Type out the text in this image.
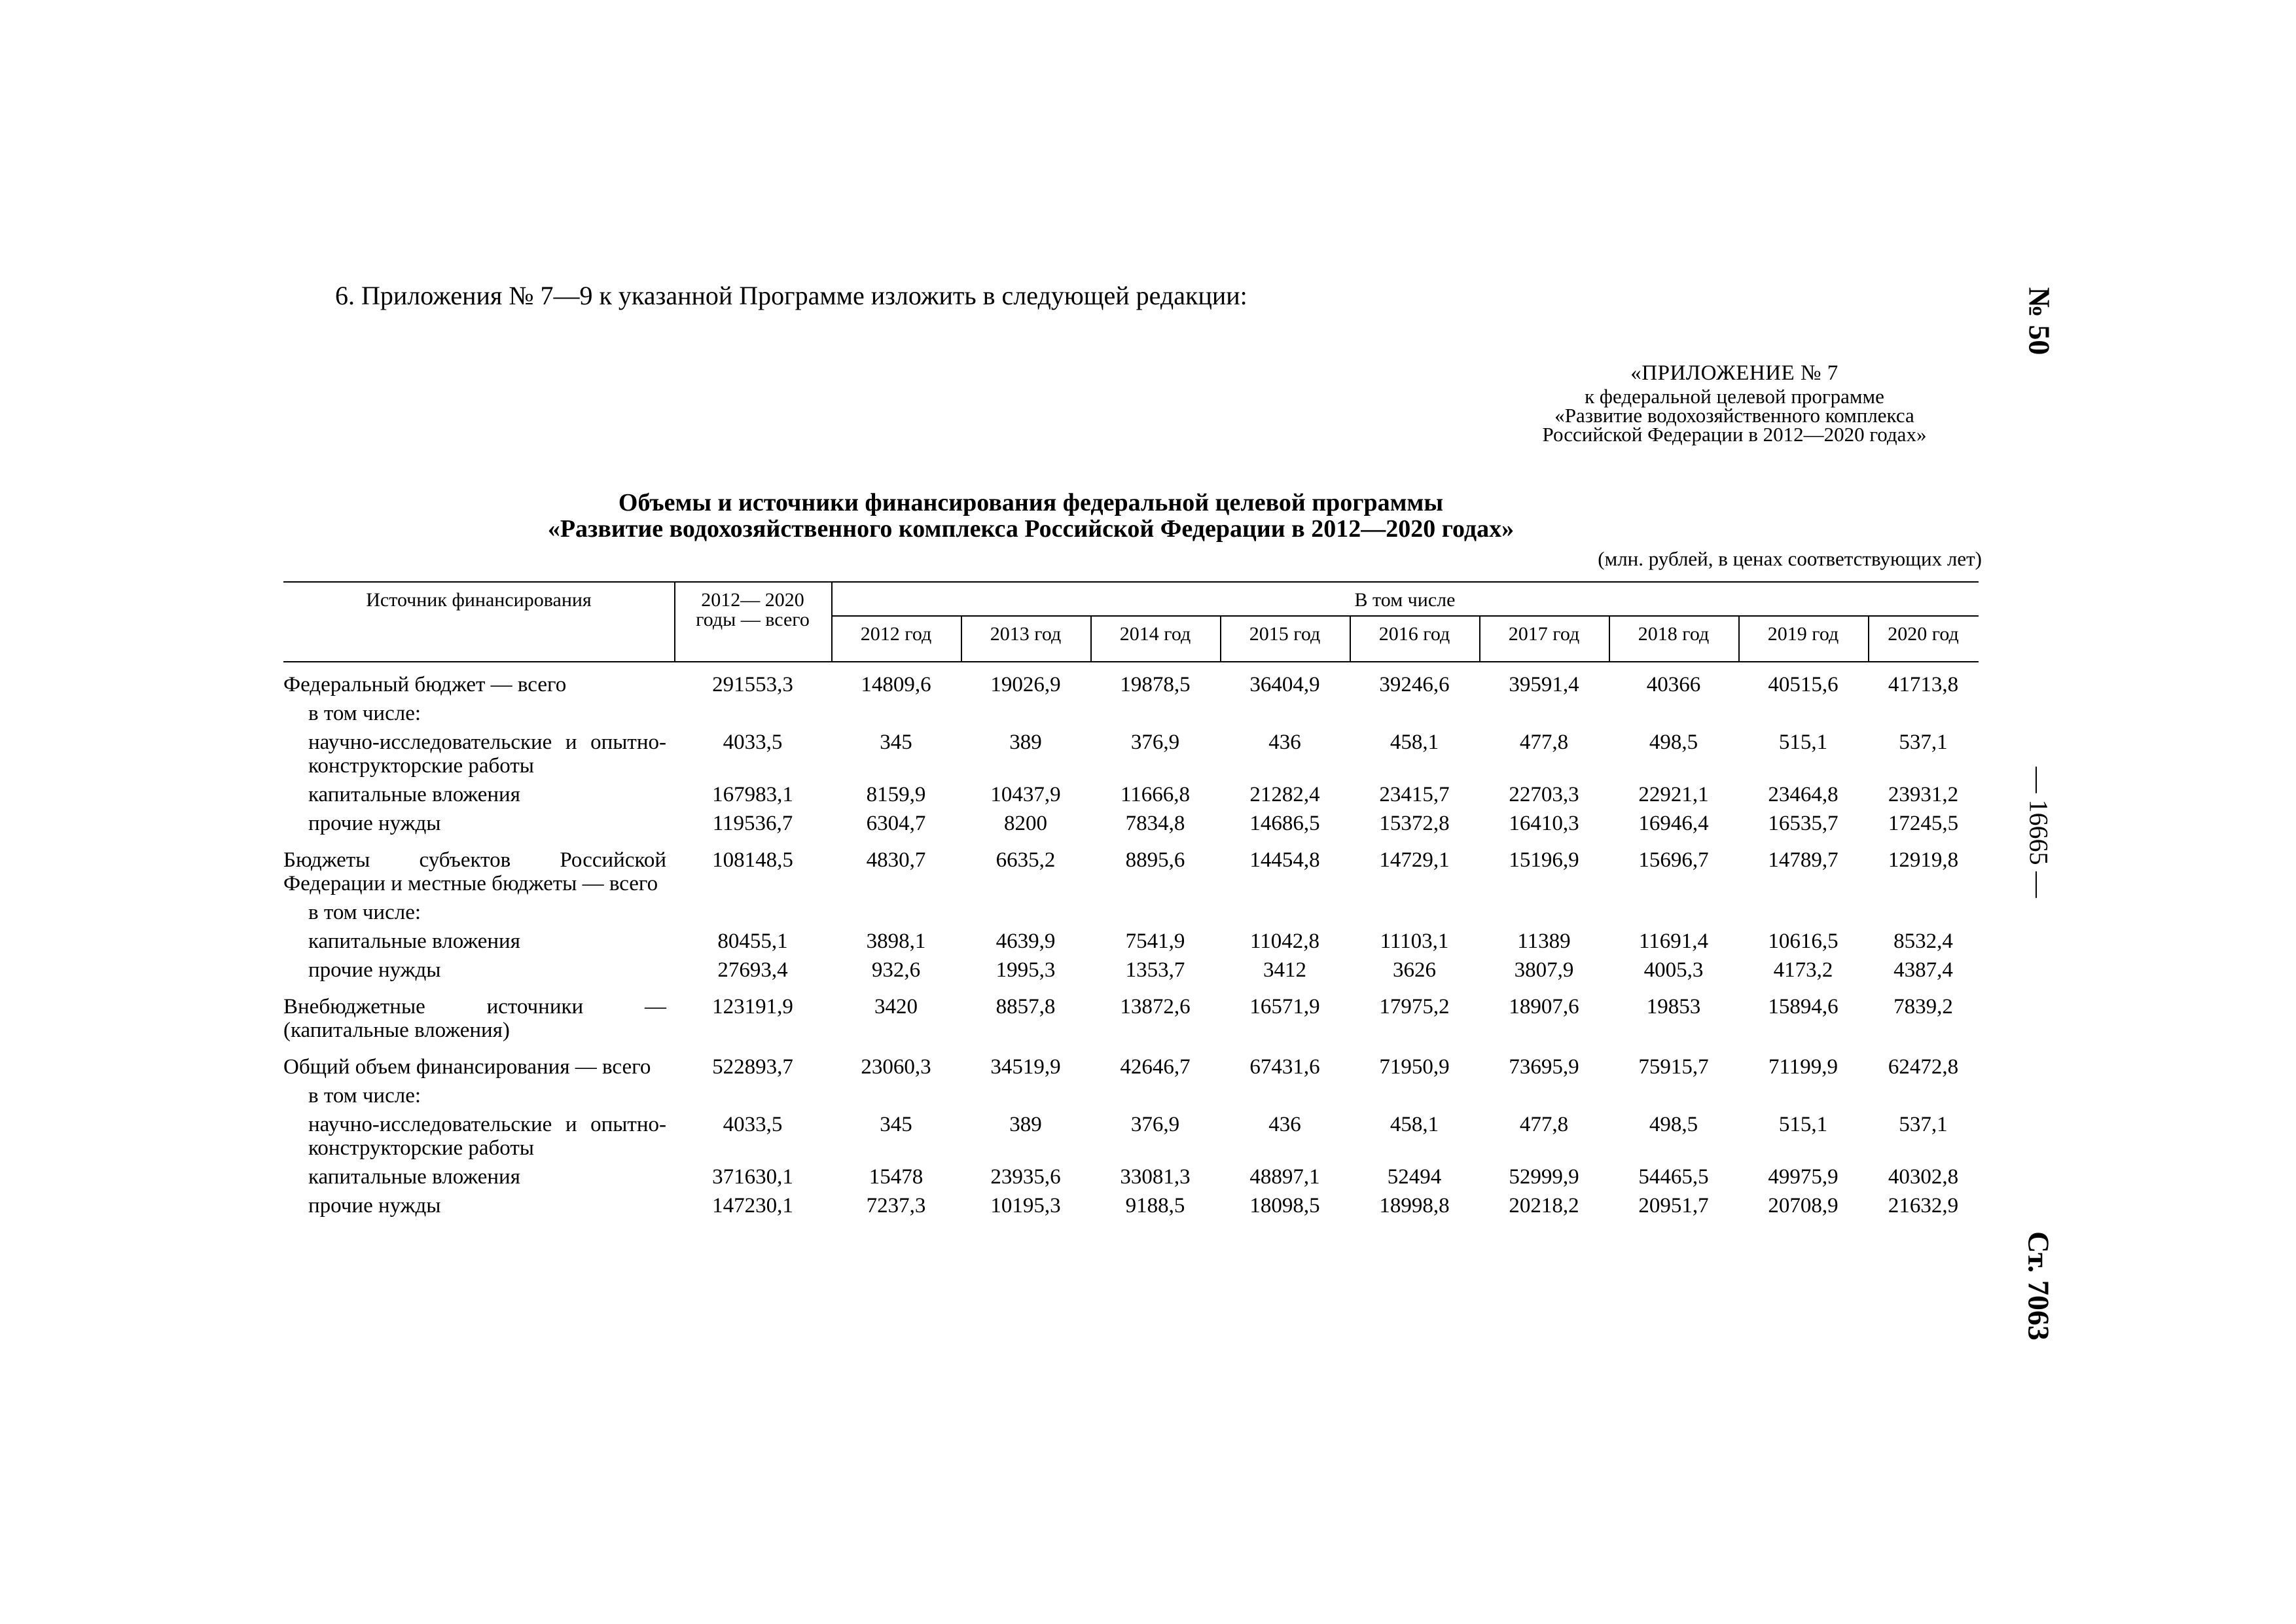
6. Приложения № 7—9 к указанной Программе изложить в следующей редакции:	№ 50
— 16665 —
Ст. 7063
«ПРИЛОЖЕНИЕ № 7
к федеральной целевой программе
«Развитие водохозяйственного комплекса
Российской Федерации в 2012—2020 годах»
Объемы и источники финансирования федеральной целевой программы
«Развитие водохозяйственного комплекса Российской Федерации в 2012—2020 годах»
(млн. рублей, в ценах соответствующих лет)
Источник финансирования	2012— 2020 годы — всего
В том числе
2012 год	2013 год	2014 год	2015 год	2016 год	2017 год	2018 год	2019 год	2020 год
Федеральный бюджет — всего	291553,3	14809,6	19026,9	19878,5	36404,9	39246,6	39591,4	40366	40515,6	41713,8
в том числе:										
научно-исследовательские и опытно-конструкторские работы	4033,5	345	389	376,9	436	458,1	477,8	498,5	515,1	537,1
капитальные вложения	167983,1	8159,9	10437,9	11666,8	21282,4	23415,7	22703,3	22921,1	23464,8	23931,2
прочие нужды	119536,7	6304,7	8200	7834,8	14686,5	15372,8	16410,3	16946,4	16535,7	17245,5
Бюджеты субъектов Российской Федерации и местные бюджеты — всего	108148,5	4830,7	6635,2	8895,6	14454,8	14729,1	15196,9	15696,7	14789,7	12919,8
в том числе:										
капитальные вложения	80455,1	3898,1	4639,9	7541,9	11042,8	11103,1	11389	11691,4	10616,5	8532,4
прочие нужды	27693,4	932,6	1995,3	1353,7	3412	3626	3807,9	4005,3	4173,2	4387,4
Внебюджетные источники — (капитальные вложения)	123191,9	3420	8857,8	13872,6	16571,9	17975,2	18907,6	19853	15894,6	7839,2
Общий объем финансирования — всего	522893,7	23060,3	34519,9	42646,7	67431,6	71950,9	73695,9	75915,7	71199,9	62472,8
в том числе:										
научно-исследовательские и опытно-конструкторские работы	4033,5	345	389	376,9	436	458,1	477,8	498,5	515,1	537,1
капитальные вложения	371630,1	15478	23935,6	33081,3	48897,1	52494	52999,9	54465,5	49975,9	40302,8
прочие нужды	147230,1	7237,3	10195,3	9188,5	18098,5	18998,8	20218,2	20951,7	20708,9	21632,9
